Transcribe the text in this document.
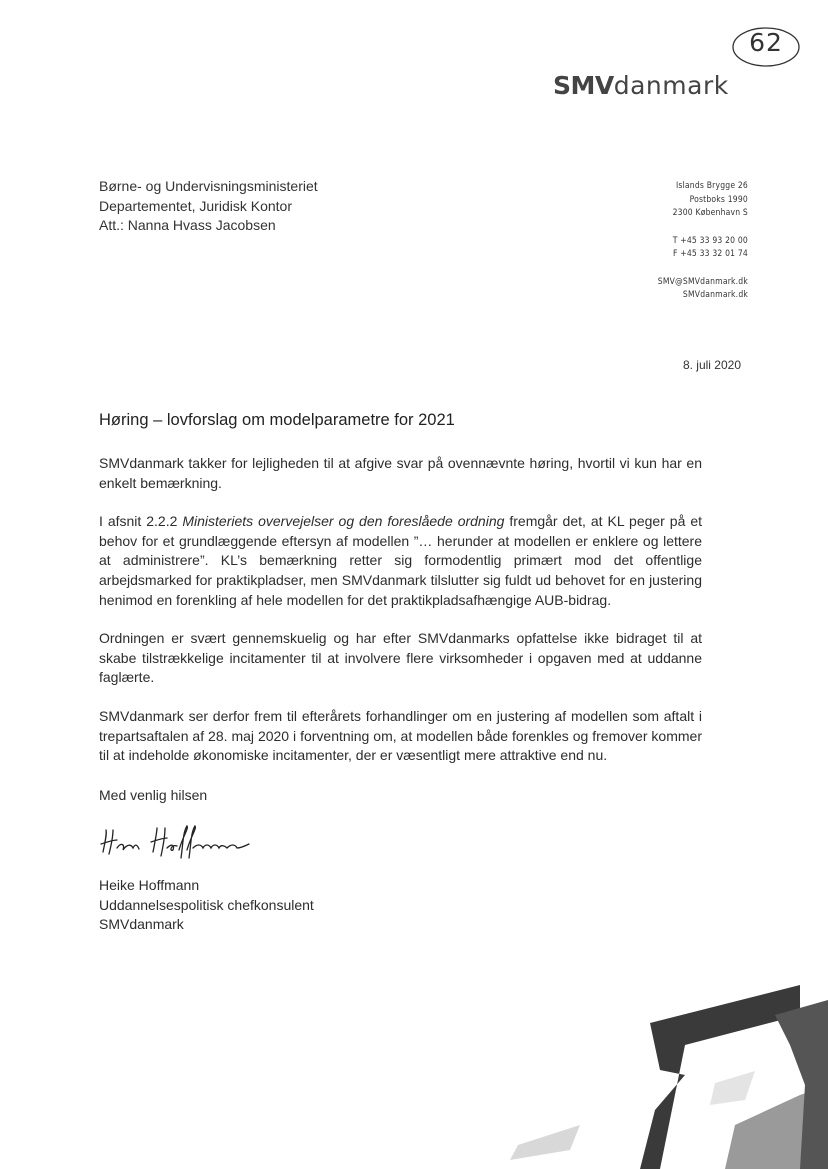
62
SMVdanmark
Børne- og Undervisningsministeriet
Departementet, Juridisk Kontor
Att.: Nanna Hvass Jacobsen
Islands Brygge 26
Postboks 1990
2300 København S
T +45 33 93 20 00
F +45 33 32 01 74
SMV@SMVdanmark.dk
SMVdanmark.dk
8. juli 2020
Høring – lovforslag om modelparametre for 2021

SMVdanmark takker for lejligheden til at afgive svar på ovennævnte høring, hvortil vi kun har en enkelt bemærkning.

I afsnit 2.2.2 Ministeriets overvejelser og den foreslåede ordning fremgår det, at KL peger på et behov for et grundlæggende eftersyn af modellen ”… herunder at modellen er enklere og lettere at administrere”. KL’s bemærkning retter sig formodentlig primært mod det offentlige arbejdsmarked for praktikpladser, men SMVdanmark tilslutter sig fuldt ud behovet for en justering henimod en forenkling af hele modellen for det praktikpladsafhængige AUB-bidrag.

Ordningen er svært gennemskuelig og har efter SMVdanmarks opfattelse ikke bidraget til at skabe tilstrækkelige incitamenter til at involvere flere virksomheder i opgaven med at uddanne faglærte.

SMVdanmark ser derfor frem til efterårets forhandlinger om en justering af modellen som aftalt i trepartsaftalen af 28. maj 2020 i forventning om, at modellen både forenkles og fremover kommer til at indeholde økonomiske incitamenter, der er væsentligt mere attraktive end nu.

Med venlig hilsen
Heike Hoffmann
Uddannelsespolitisk chefkonsulent
SMVdanmark
